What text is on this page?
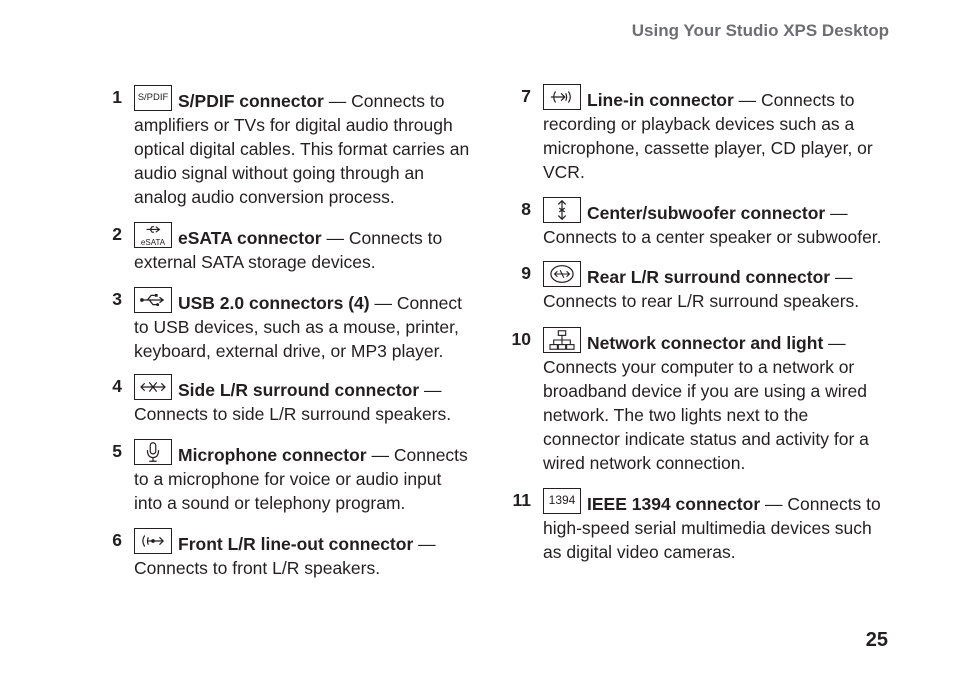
Using Your Studio XPS Desktop
1 S/PDIF S/PDIF connector — Connects to amplifiers or TVs for digital audio through optical digital cables. This format carries an audio signal without going through an analog audio conversion process.
2	eSATA eSATA connector — Connects to external SATA storage devices.
3	USB 2.0 connectors (4) — Connect to USB devices, such as a mouse, printer, keyboard, external drive, or MP3 player.
4	Side L/R surround connector — Connects to side L/R surround speakers.
5	Microphone connector — Connects to a microphone for voice or audio input into a sound or telephony program.
6	Front L/R line-out connector — Connects to front L/R speakers.
7	Line-in connector — Connects to recording or playback devices such as a microphone, cassette player, CD player, or VCR.
8	Center/subwoofer connector — Connects to a center speaker or subwoofer.
9	Rear L/R surround connector — Connects to rear L/R surround speakers.
10	Network connector and light — Connects your computer to a network or broadband device if you are using a wired network. The two lights next to the connector indicate status and activity for a wired network connection.
11	1394 IEEE 1394 connector — Connects to high-speed serial multimedia devices such as digital video cameras.
25
